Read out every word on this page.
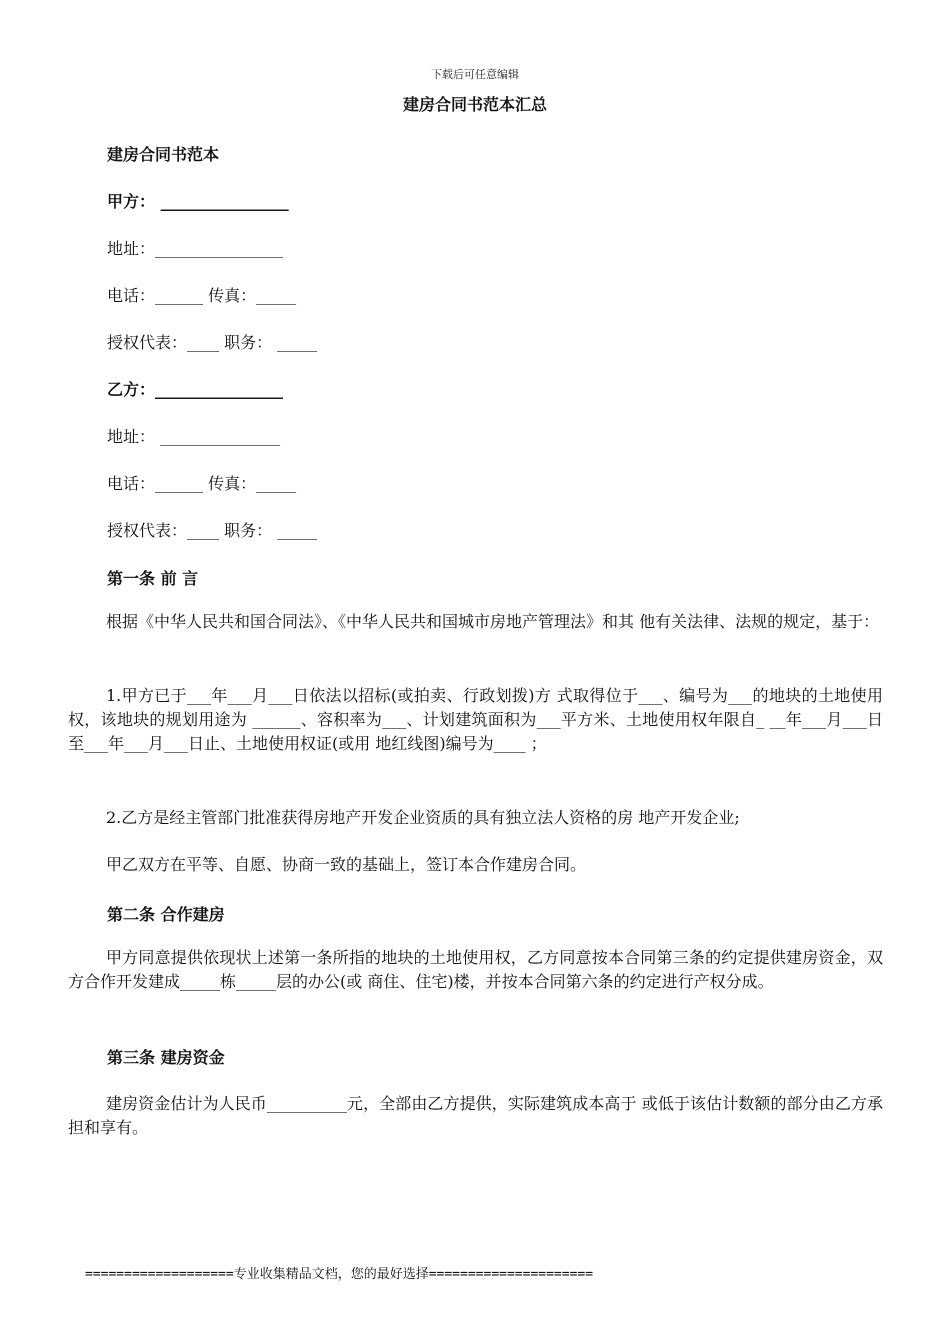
下载后可任意编辑
建房合同书范本汇总
建房合同书范本
甲方： ________________
地址：________________
电话：______ 传真：_____
授权代表：____ 职务： _____
乙方：________________
地址： _______________
电话：______ 传真：_____
授权代表：____ 职务： _____
第一条 前 言
根据《中华人民共和国合同法》、《中华人民共和国城市房地产管理法》和其 他有关法律、法规的规定，基于：
1.甲方已于___年___月___日依法以招标(或拍卖、行政划拨)方 式取得位于___、编号为___的地块的土地使用权，该地块的规划用途为 ______、容积率为___、计划建筑面积为___平方米、土地使用权年限自_ __年___月___日至___年___月___日止、土地使用权证(或用 地红线图)编号为____ ；
2.乙方是经主管部门批准获得房地产开发企业资质的具有独立法人资格的房 地产开发企业;
甲乙双方在平等、自愿、协商一致的基础上，签订本合作建房合同。
第二条 合作建房
甲方同意提供依现状上述第一条所指的地块的土地使用权，乙方同意按本合同第三条的约定提供建房资金，双方合作开发建成_____栋_____层的办公(或 商住、住宅)楼，并按本合同第六条的约定进行产权分成。
第三条 建房资金
建房资金估计为人民币__________元，全部由乙方提供，实际建筑成本高于 或低于该估计数额的部分由乙方承担和享有。
===================专业收集精品文档，您的最好选择=====================
